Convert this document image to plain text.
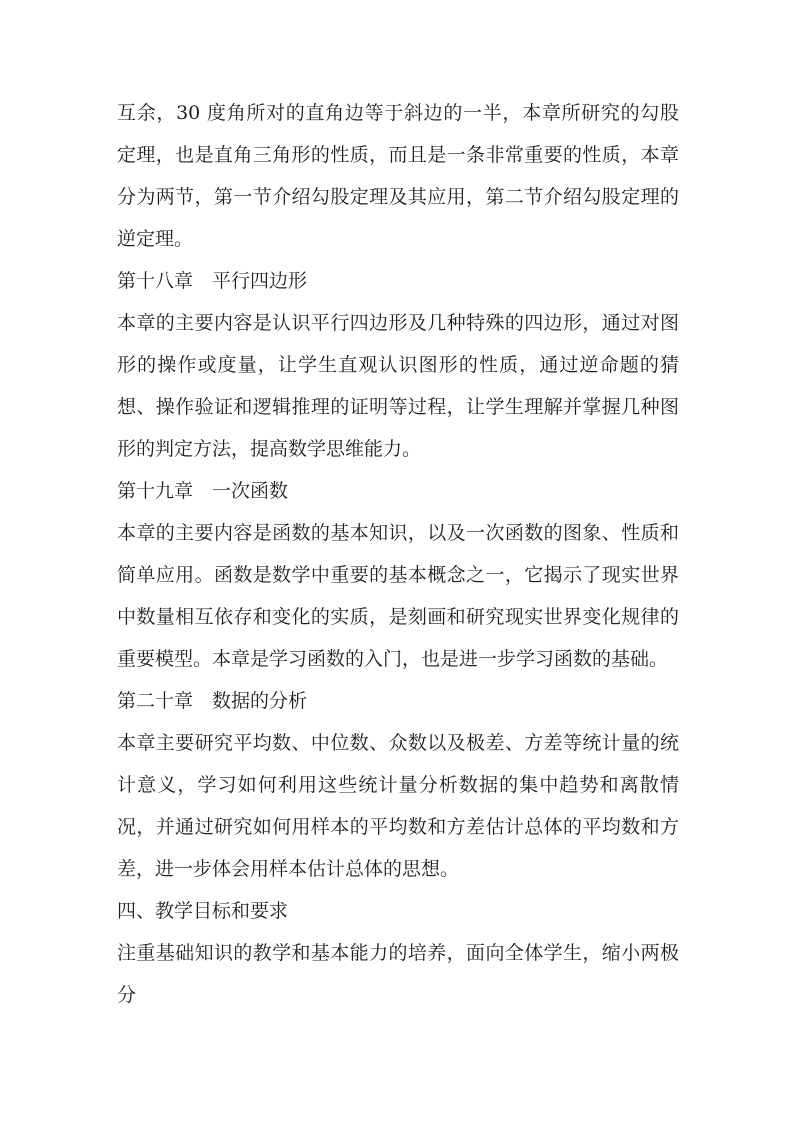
互余，30 度角所对的直角边等于斜边的一半，本章所研究的勾股定理，也是直角三角形的性质，而且是一条非常重要的性质，本章分为两节，第一节介绍勾股定理及其应用，第二节介绍勾股定理的逆定理。

第十八章　平行四边形

本章的主要内容是认识平行四边形及几种特殊的四边形，通过对图形的操作或度量，让学生直观认识图形的性质，通过逆命题的猜想、操作验证和逻辑推理的证明等过程，让学生理解并掌握几种图形的判定方法，提高数学思维能力。

第十九章　一次函数

本章的主要内容是函数的基本知识，以及一次函数的图象、性质和简单应用。函数是数学中重要的基本概念之一，它揭示了现实世界中数量相互依存和变化的实质，是刻画和研究现实世界变化规律的重要模型。本章是学习函数的入门，也是进一步学习函数的基础。

第二十章　数据的分析

本章主要研究平均数、中位数、众数以及极差、方差等统计量的统计意义，学习如何利用这些统计量分析数据的集中趋势和离散情况，并通过研究如何用样本的平均数和方差估计总体的平均数和方差，进一步体会用样本估计总体的思想。

四、教学目标和要求

注重基础知识的教学和基本能力的培养，面向全体学生，缩小两极分
